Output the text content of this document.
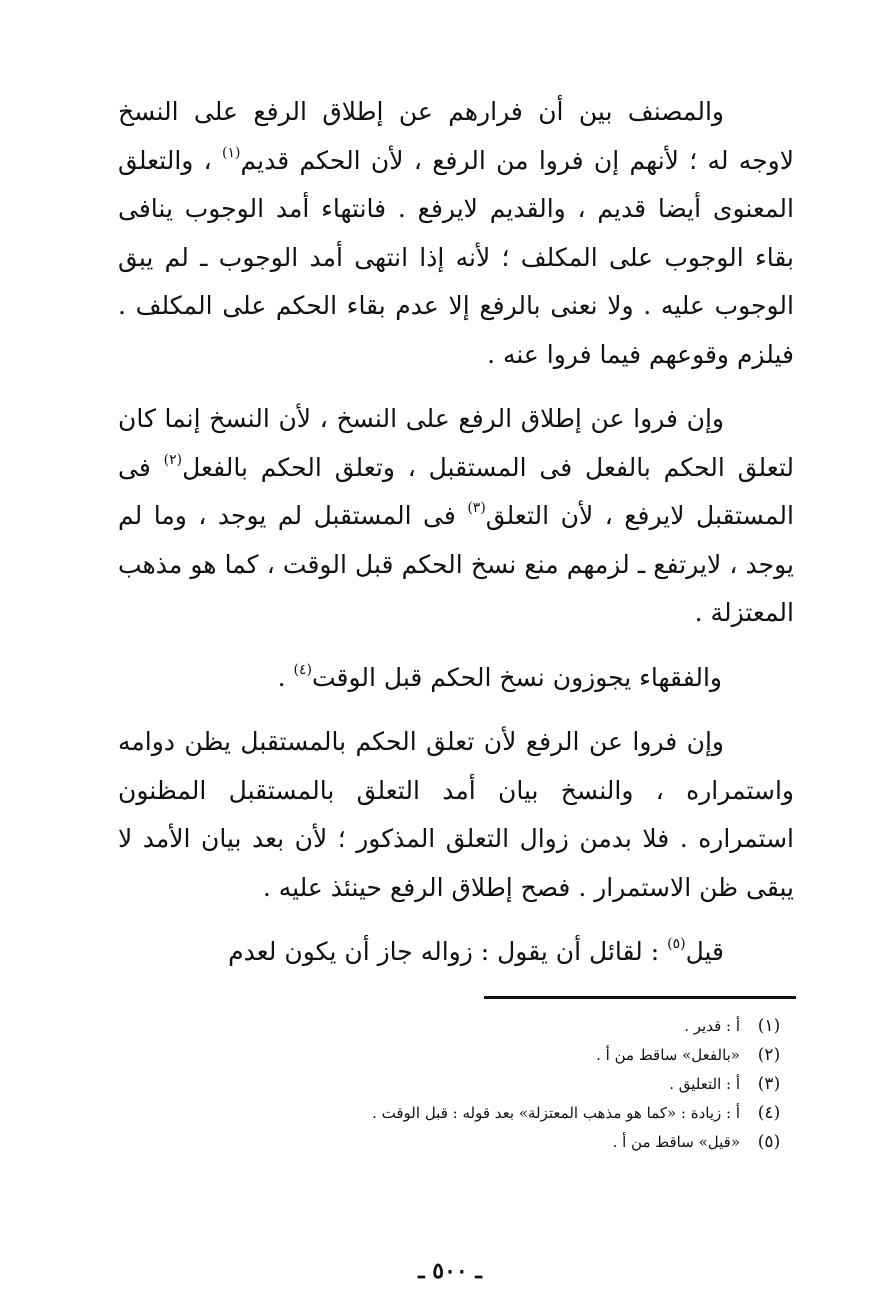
والمصنف بين أن فرارهم عن إطلاق الرفع على النسخ لاوجه له ؛ لأنهم إن فروا من الرفع ، لأن الحكم قديم$^{(١)}$ ، والتعلق المعنوى أيضا قديم ، والقديم لايرفع . فانتهاء أمد الوجوب ينافى بقاء الوجوب على المكلف ؛ لأنه إذا انتهى أمد الوجوب ـ لم يبق الوجوب عليه . ولا نعنى بالرفع إلا عدم بقاء الحكم على المكلف . فيلزم وقوعهم فيما فروا عنه .

وإن فروا عن إطلاق الرفع على النسخ ، لأن النسخ إنما كان لتعلق الحكم بالفعل فى المستقبل ، وتعلق الحكم بالفعل$^{(٢)}$ فى المستقبل لايرفع ، لأن التعلق$^{(٣)}$ فى المستقبل لم يوجد ، وما لم يوجد ، لايرتفع ـ لزمهم منع نسخ الحكم قبل الوقت ، كما هو مذهب المعتزلة .

والفقهاء يجوزون نسخ الحكم قبل الوقت$^{(٤)}$ .

وإن فروا عن الرفع لأن تعلق الحكم بالمستقبل يظن دوامه واستمراره ، والنسخ بيان أمد التعلق بالمستقبل المظنون استمراره . فلا بدمن زوال التعلق المذكور ؛ لأن بعد بيان الأمد لا يبقى ظن الاستمرار . فصح إطلاق الرفع حينئذ عليه .

قيل$^{(٥)}$ : لقائل أن يقول : زواله جاز أن يكون لعدم

(١)
أ : قدير .
(٢)
«بالفعل» ساقط من أ .
(٣)
أ : التعليق .
(٤)
أ : زيادة : «كما هو مذهب المعتزلة» بعد قوله : قبل الوقت .
(٥)
«قيل» ساقط من أ .
ـ ٥٠٠ ـ
